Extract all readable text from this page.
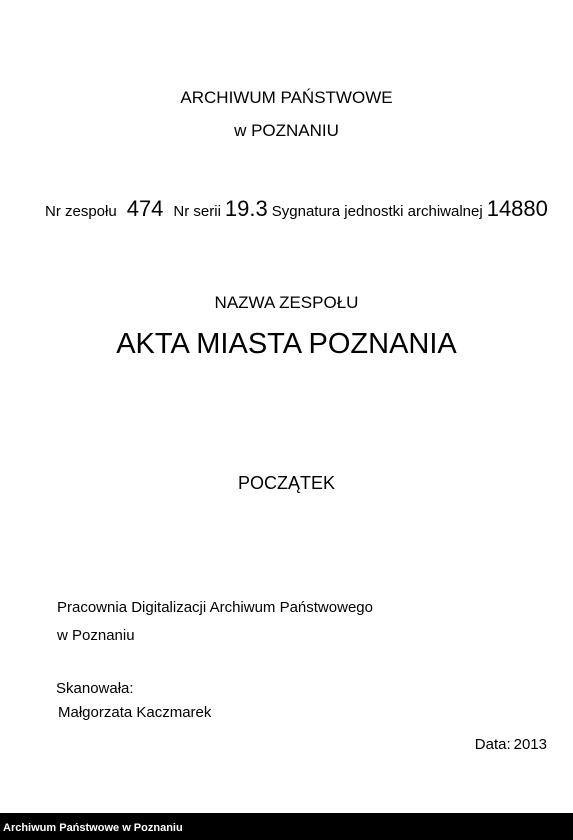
ARCHIWUM PAŃSTWOWE
w POZNANIU
Nr zespołu 474 Nr serii 19.3 Sygnatura jednostki archiwalnej 14880
NAZWA ZESPOŁU
AKTA MIASTA POZNANIA
POCZĄTEK
Pracownia Digitalizacji Archiwum Państwowego
w Poznaniu
Skanowała:
Małgorzata Kaczmarek
Data: 2013
Archiwum Państwowe w Poznaniu
